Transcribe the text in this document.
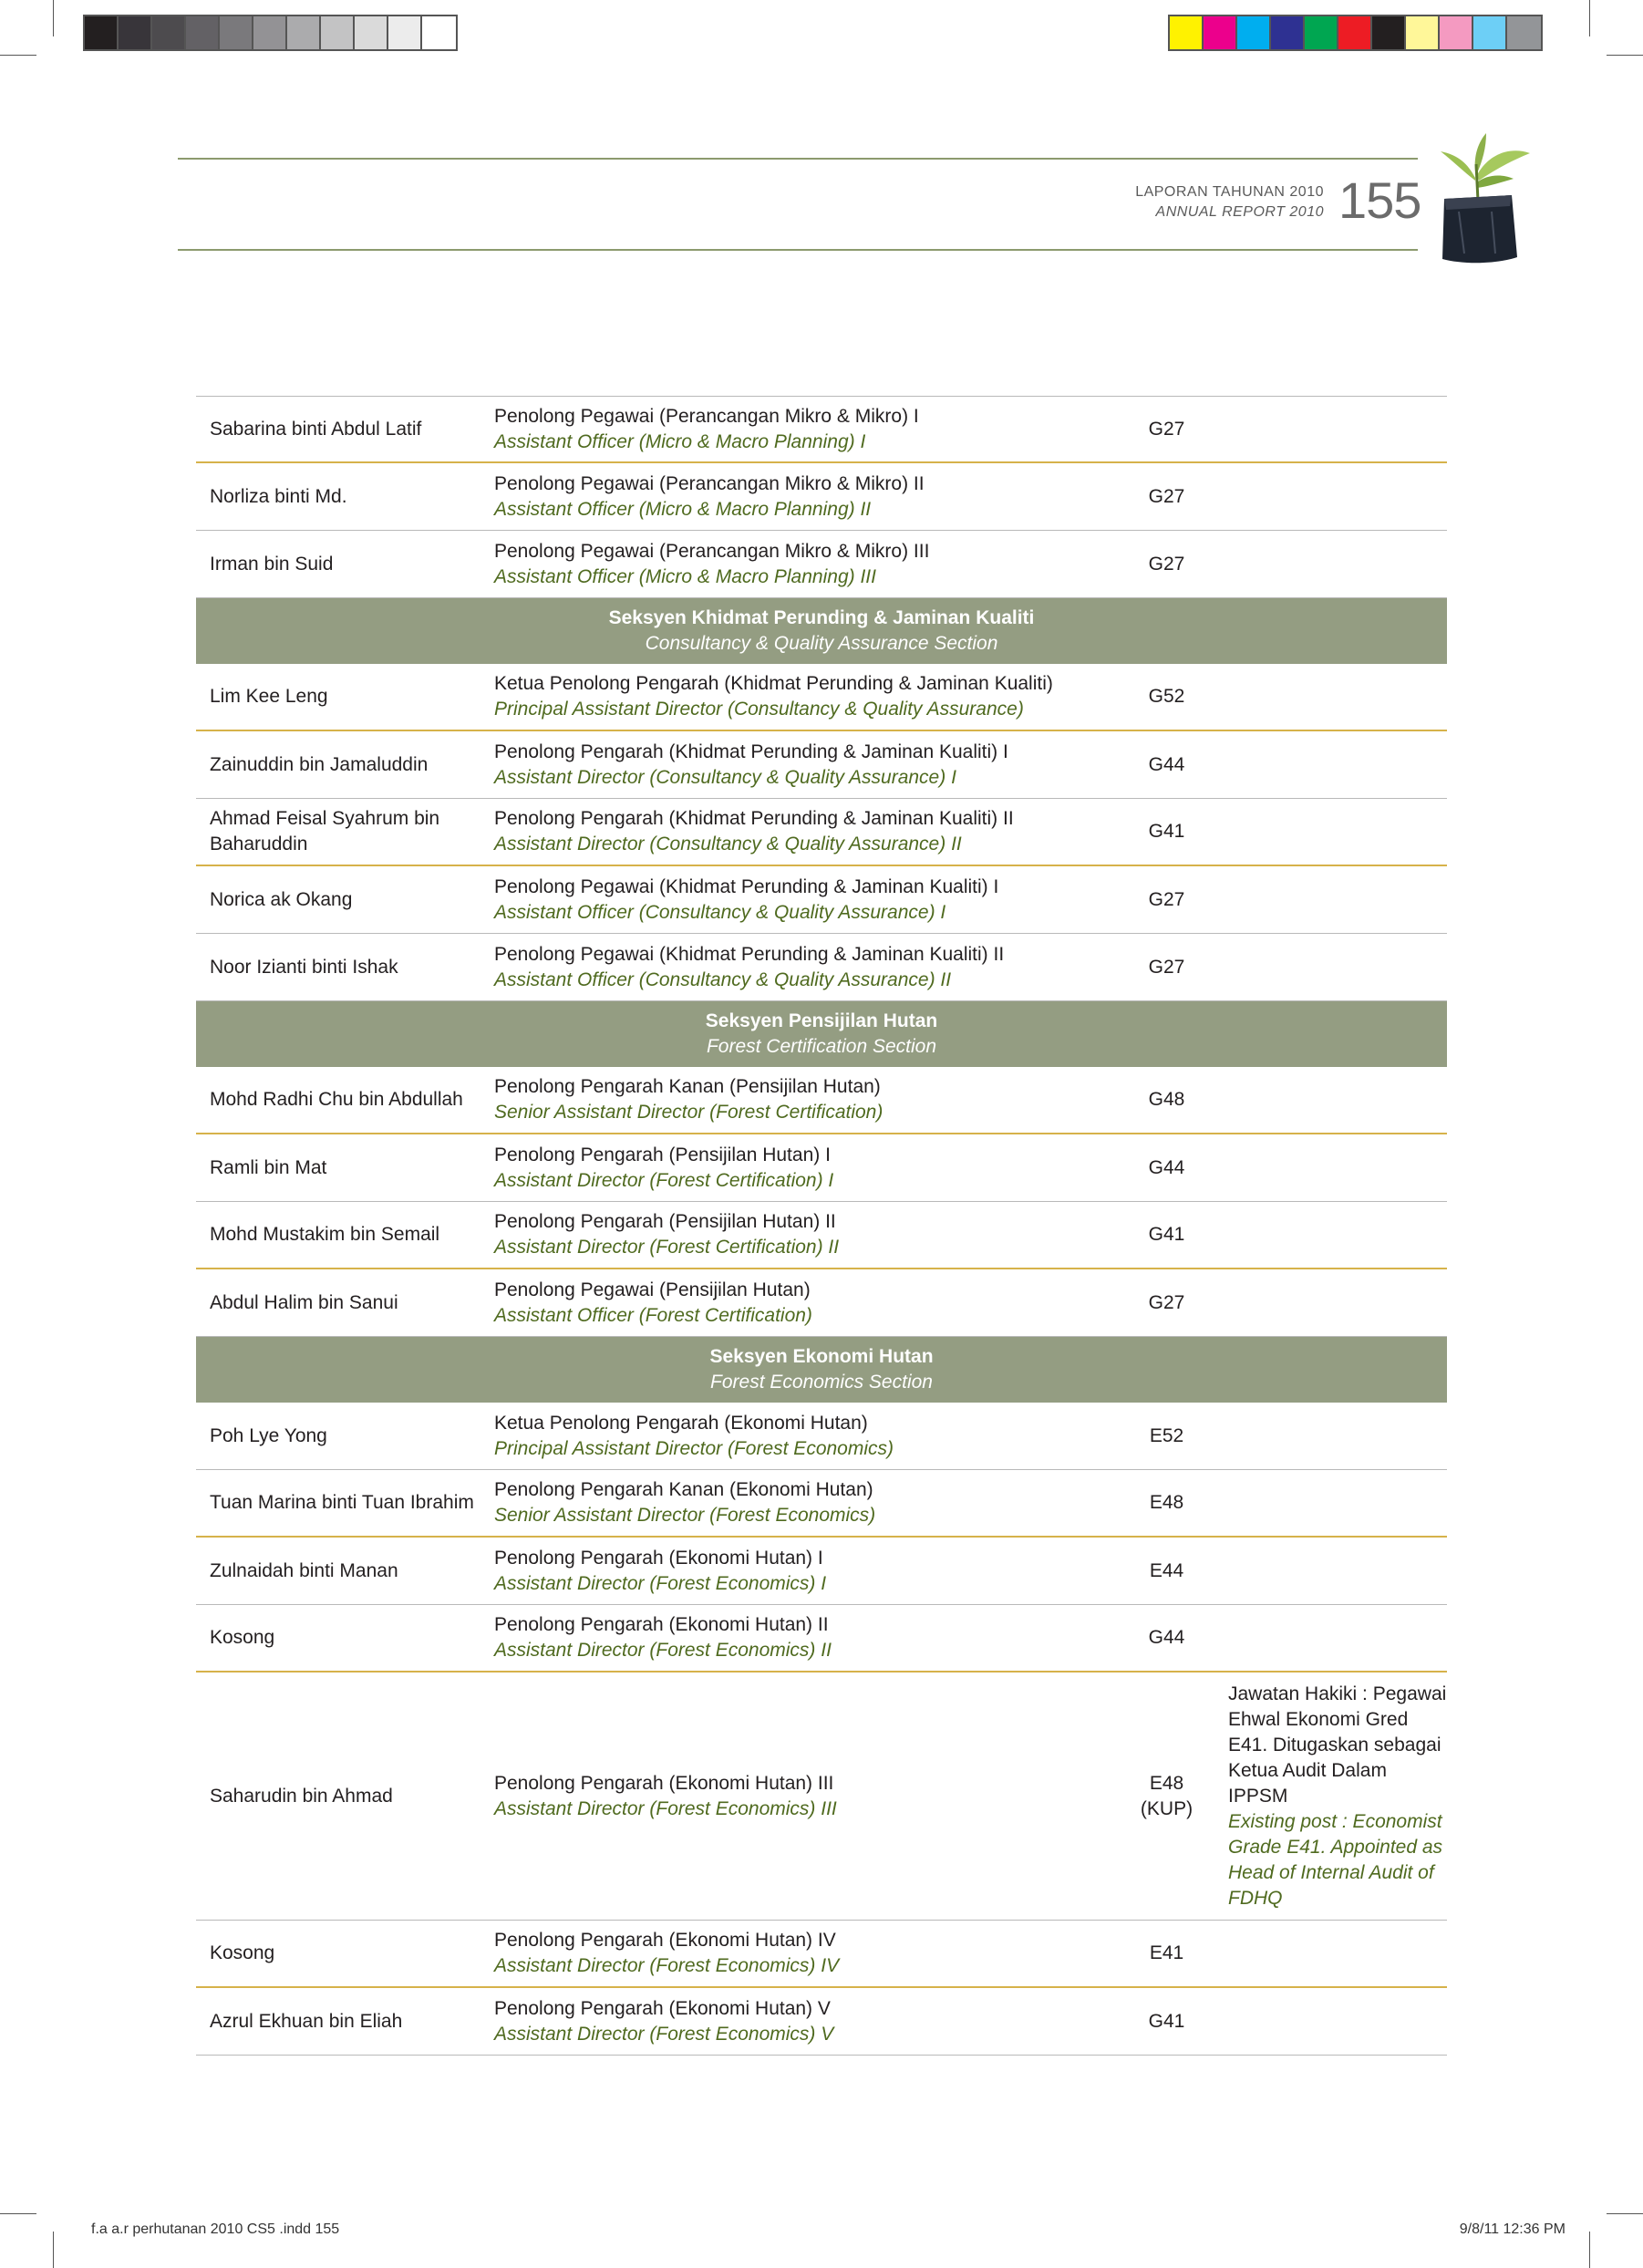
LAPORAN TAHUNAN 2010
ANNUAL REPORT 2010 155
Sabarina binti Abdul Latif
Penolong Pegawai (Perancangan Mikro & Mikro) I
Assistant Officer (Micro & Macro Planning) I
G27
Norliza binti Md.
Penolong Pegawai (Perancangan Mikro & Mikro) II
Assistant Officer (Micro & Macro Planning) II
G27
Irman bin Suid
Penolong Pegawai (Perancangan Mikro & Mikro) III
Assistant Officer (Micro & Macro Planning) III
G27
Seksyen Khidmat Perunding & Jaminan Kualiti
Consultancy & Quality Assurance Section
Lim Kee Leng
Ketua Penolong Pengarah (Khidmat Perunding & Jaminan Kualiti)
Principal Assistant Director (Consultancy & Quality Assurance)
G52
Zainuddin bin Jamaluddin
Penolong Pengarah (Khidmat Perunding & Jaminan Kualiti) I
Assistant Director (Consultancy & Quality Assurance) I
G44
Ahmad Feisal Syahrum bin Baharuddin
Penolong Pengarah (Khidmat Perunding & Jaminan Kualiti) II
Assistant Director (Consultancy & Quality Assurance) II
G41
Norica ak Okang
Penolong Pegawai (Khidmat Perunding & Jaminan Kualiti) I
Assistant Officer (Consultancy & Quality Assurance) I
G27
Noor Izianti binti Ishak
Penolong Pegawai (Khidmat Perunding & Jaminan Kualiti) II
Assistant Officer (Consultancy & Quality Assurance) II
G27
Seksyen Pensijilan Hutan
Forest Certification Section
Mohd Radhi Chu bin Abdullah
Penolong Pengarah Kanan (Pensijilan Hutan)
Senior Assistant Director (Forest Certification)
G48
Ramli bin Mat
Penolong Pengarah (Pensijilan Hutan) I
Assistant Director (Forest Certification) I
G44
Mohd Mustakim bin Semail
Penolong Pengarah (Pensijilan Hutan) II
Assistant Director (Forest Certification) II
G41
Abdul Halim bin Sanui
Penolong Pegawai (Pensijilan Hutan)
Assistant Officer (Forest Certification)
G27
Seksyen Ekonomi Hutan
Forest Economics Section
Poh Lye Yong
Ketua Penolong Pengarah (Ekonomi Hutan)
Principal Assistant Director (Forest Economics)
E52
Tuan Marina binti Tuan Ibrahim
Penolong Pengarah Kanan (Ekonomi Hutan)
Senior Assistant Director (Forest Economics)
E48
Zulnaidah binti Manan
Penolong Pengarah (Ekonomi Hutan) I
Assistant Director (Forest Economics) I
E44
Kosong
Penolong Pengarah (Ekonomi Hutan) II
Assistant Director (Forest Economics) II
G44
Saharudin bin Ahmad
Penolong Pengarah (Ekonomi Hutan) III
Assistant Director (Forest Economics) III
E48
(KUP)
Jawatan Hakiki : Pegawai Ehwal Ekonomi Gred E41. Ditugaskan sebagai Ketua Audit Dalam IPPSM
Existing post : Economist Grade E41. Appointed as Head of Internal Audit of FDHQ
Kosong
Penolong Pengarah (Ekonomi Hutan) IV
Assistant Director (Forest Economics) IV
E41
Azrul Ekhuan bin Eliah
Penolong Pengarah (Ekonomi Hutan) V
Assistant Director (Forest Economics) V
G41
f.a a.r perhutanan 2010 CS5 .indd 155	9/8/11 12:36 PM
